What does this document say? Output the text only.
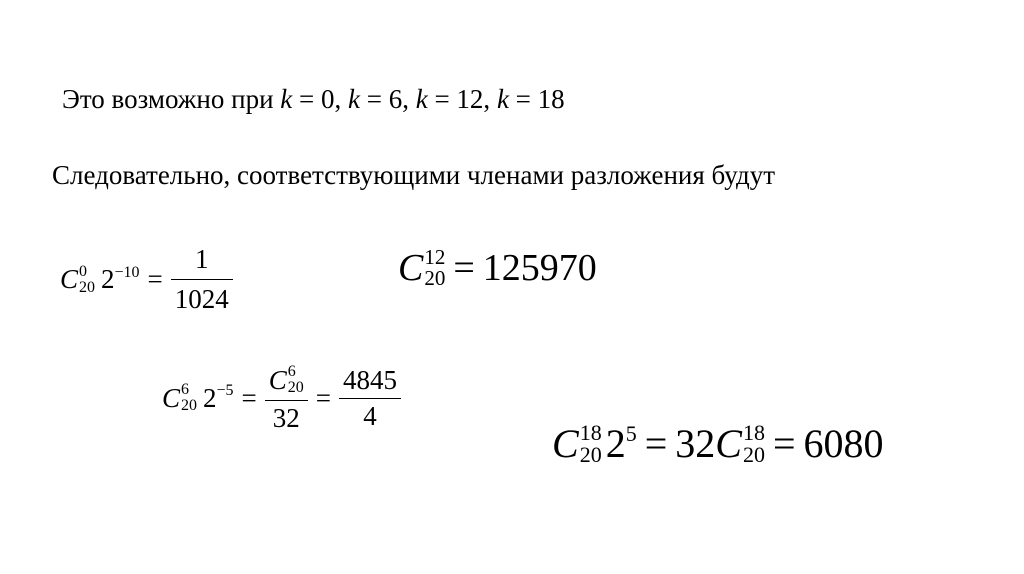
Это возможно при k = 0, k = 6, k = 12, k = 18
Следовательно, соответствующими членами разложения будут
C 0
20 $2 -10 = \frac{1}{1024}$	C 12
20 = 125970
C 6
20 2 −5 = C 6
20
$32 = \frac{4845}{4}$
C 18
20 2 5 = 32 C 18
20 = 6080
